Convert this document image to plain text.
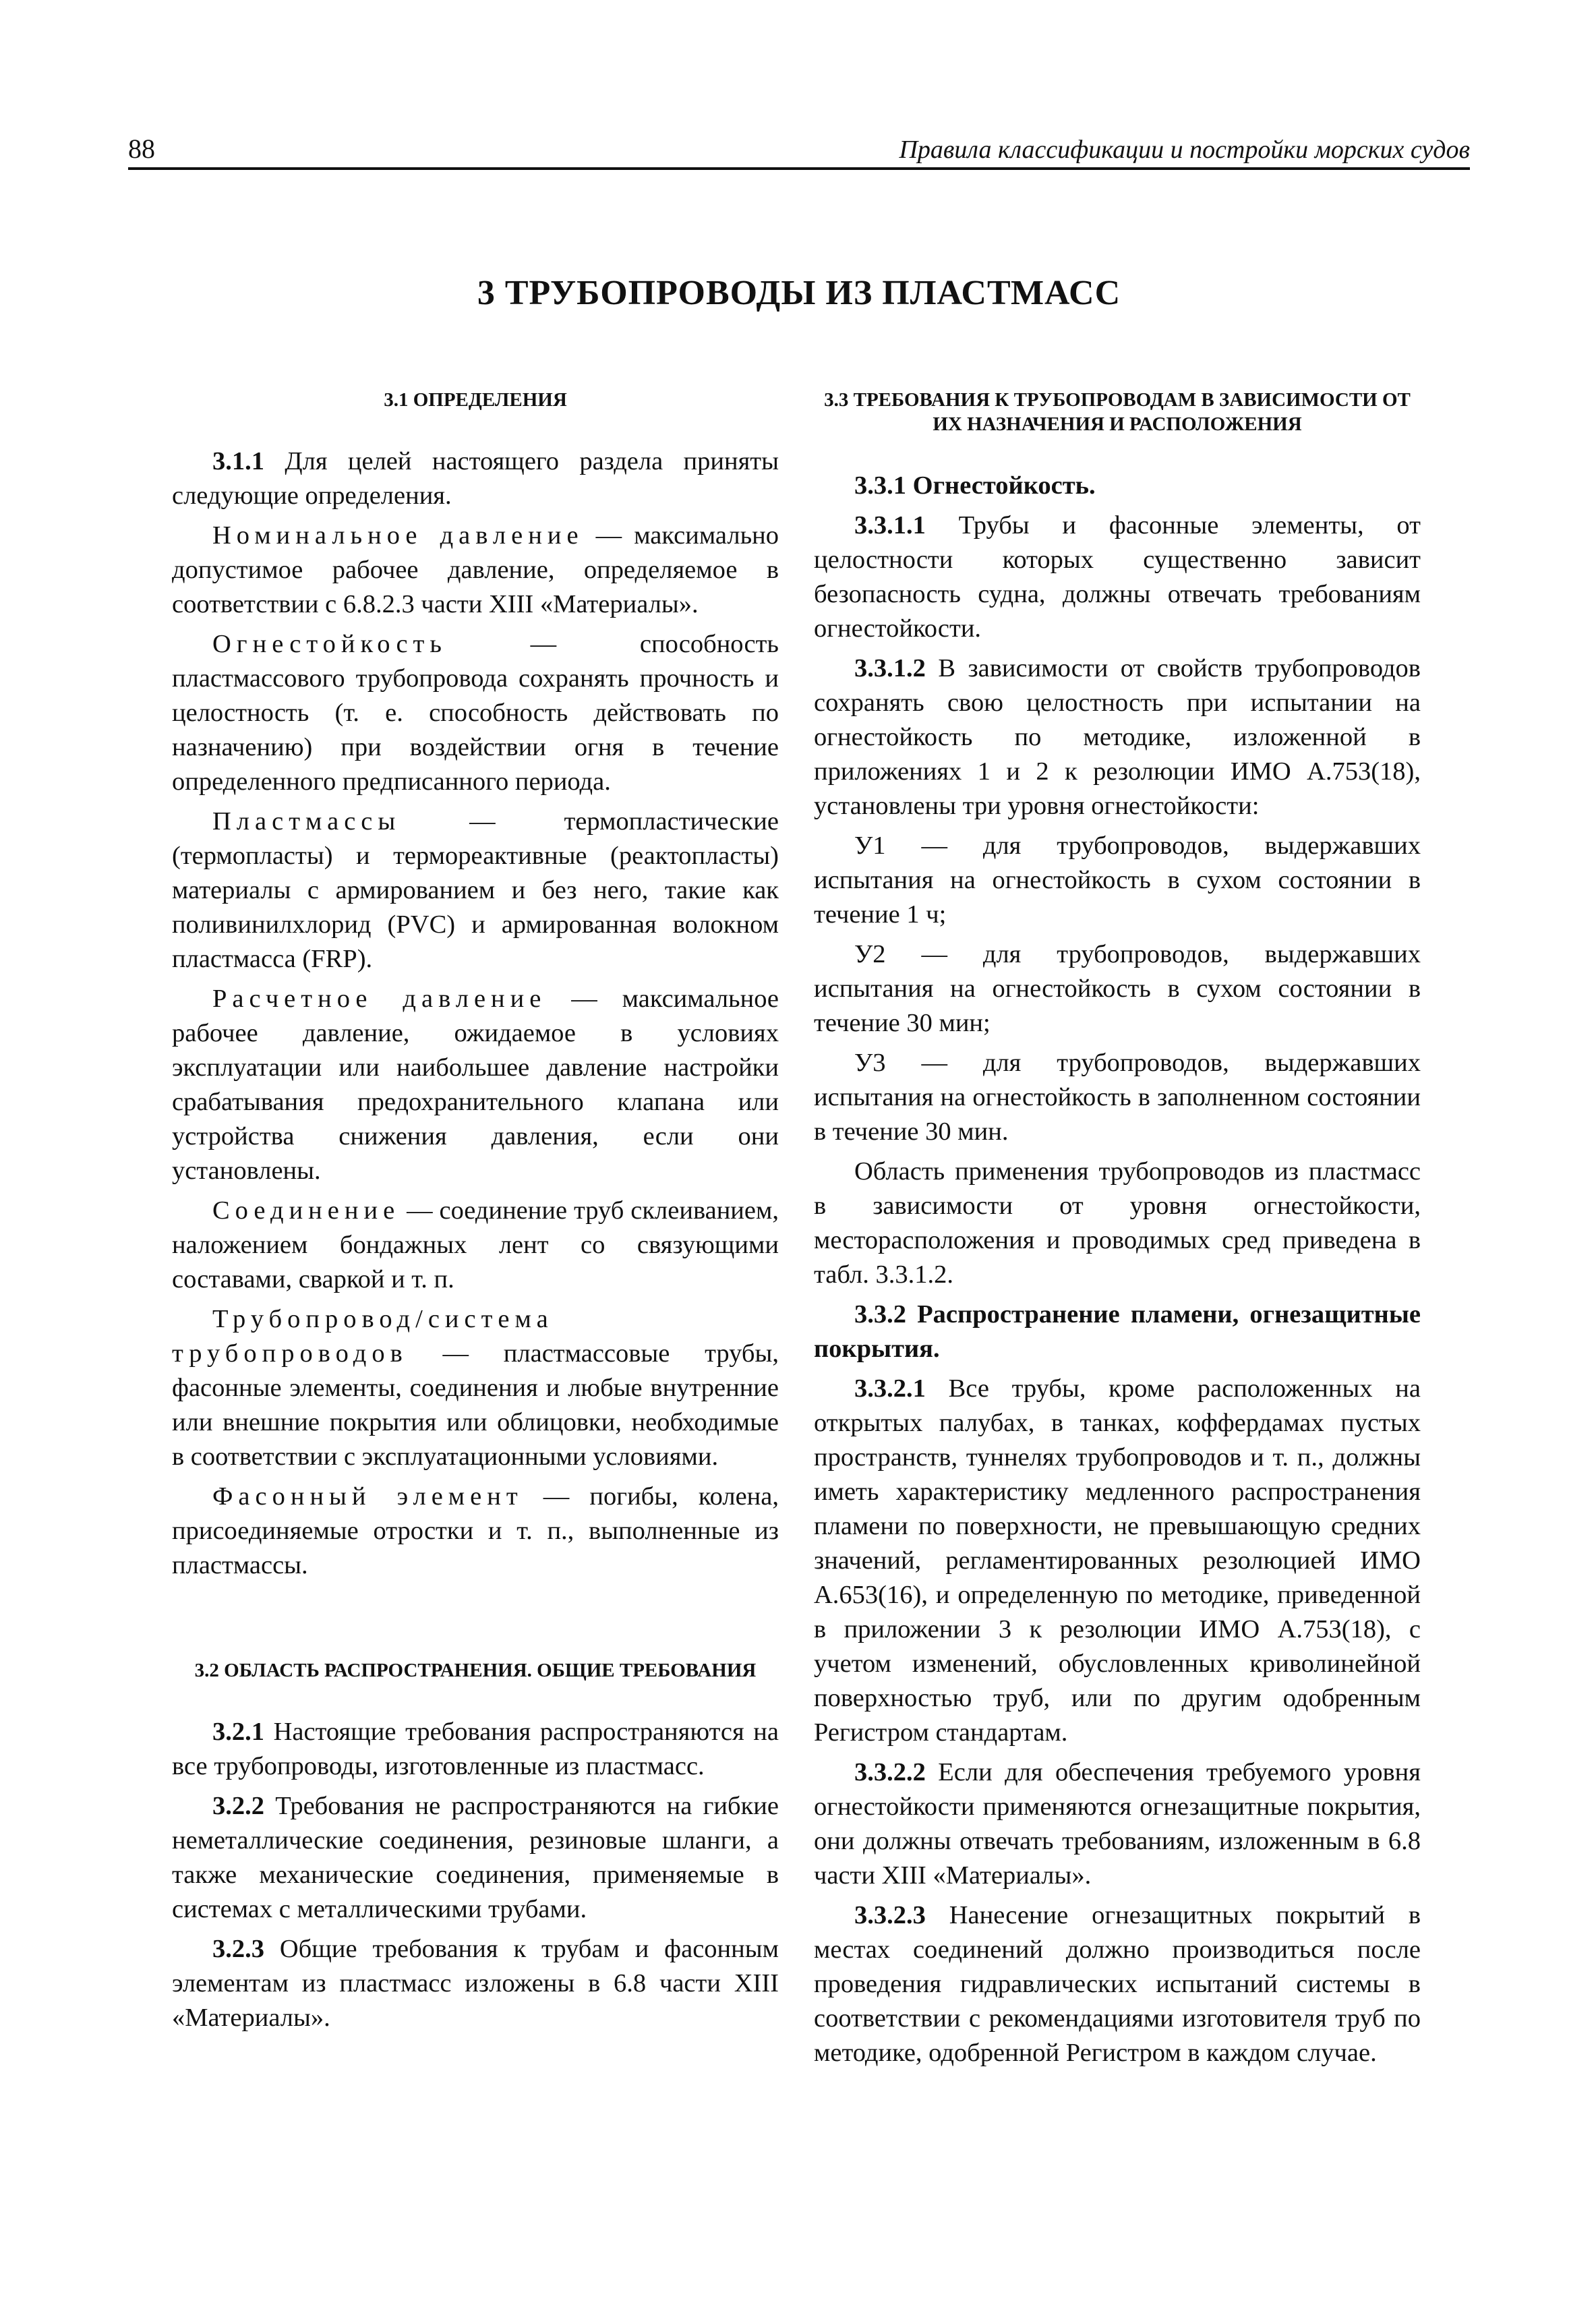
88	Правила классификации и постройки морских судов
3 ТРУБОПРОВОДЫ ИЗ ПЛАСТМАСС
3.1 ОПРЕДЕЛЕНИЯ

3.1.1 Для целей настоящего раздела приняты следующие определения.

Номинальное давление — максимально допустимое рабочее давление, определяемое в соответствии с 6.8.2.3 части XIII «Материалы».

Огнестойкость — способность пластмассового трубопровода сохранять прочность и целостность (т. е. способность действовать по назначению) при воздействии огня в течение определенного предписанного периода.

Пластмассы — термопластические (термопласты) и термореактивные (реактопласты) материалы с армированием и без него, такие как поливинилхлорид (PVC) и армированная волокном пластмасса (FRP).

Расчетное давление — максимальное рабочее давление, ожидаемое в условиях эксплуатации или наибольшее давление настройки срабатывания предохранительного клапана или устройства снижения давления, если они установлены.

Соединение — соединение труб склеиванием, наложением бондажных лент со связующими составами, сваркой и т. п.

Трубопровод/система трубопроводов — пластмассовые трубы, фасонные элементы, соединения и любые внутренние или внешние покрытия или облицовки, необходимые в соответствии с эксплуатационными условиями.

Фасонный элемент — погибы, колена, присоединяемые отростки и т. п., выполненные из пластмассы.

3.2 ОБЛАСТЬ РАСПРОСТРАНЕНИЯ. ОБЩИЕ ТРЕБОВАНИЯ

3.2.1 Настоящие требования распространяются на все трубопроводы, изготовленные из пластмасс.

3.2.2 Требования не распространяются на гибкие неметаллические соединения, резиновые шланги, а также механические соединения, применяемые в системах с металлическими трубами.

3.2.3 Общие требования к трубам и фасонным элементам из пластмасс изложены в 6.8 части XIII «Материалы».

3.3 ТРЕБОВАНИЯ К ТРУБОПРОВОДАМ В ЗАВИСИМОСТИ ОТ ИХ НАЗНАЧЕНИЯ И РАСПОЛОЖЕНИЯ

3.3.1 Огнестойкость.

3.3.1.1 Трубы и фасонные элементы, от целостности которых существенно зависит безопасность судна, должны отвечать требованиям огнестойкости.

3.3.1.2 В зависимости от свойств трубопроводов сохранять свою целостность при испытании на огнестойкость по методике, изложенной в приложениях 1 и 2 к резолюции ИМО А.753(18), установлены три уровня огнестойкости:

У1 — для трубопроводов, выдержавших испытания на огнестойкость в сухом состоянии в течение 1 ч;

У2 — для трубопроводов, выдержавших испытания на огнестойкость в сухом состоянии в течение 30 мин;

У3 — для трубопроводов, выдержавших испытания на огнестойкость в заполненном состоянии в течение 30 мин.

Область применения трубопроводов из пластмасс в зависимости от уровня огнестойкости, месторасположения и проводимых сред приведена в табл. 3.3.1.2.

3.3.2 Распространение пламени, огнезащитные покрытия.

3.3.2.1 Все трубы, кроме расположенных на открытых палубах, в танках, коффердамах пустых пространств, туннелях трубопроводов и т. п., должны иметь характеристику медленного распространения пламени по поверхности, не превышающую средних значений, регламентированных резолюцией ИМО А.653(16), и определенную по методике, приведенной в приложении 3 к резолюции ИМО А.753(18), с учетом изменений, обусловленных криволинейной поверхностью труб, или по другим одобренным Регистром стандартам.

3.3.2.2 Если для обеспечения требуемого уровня огнестойкости применяются огнезащитные покрытия, они должны отвечать требованиям, изложенным в 6.8 части XIII «Материалы».

3.3.2.3 Нанесение огнезащитных покрытий в местах соединений должно производиться после проведения гидравлических испытаний системы в соответствии с рекомендациями изготовителя труб по методике, одобренной Регистром в каждом случае.
